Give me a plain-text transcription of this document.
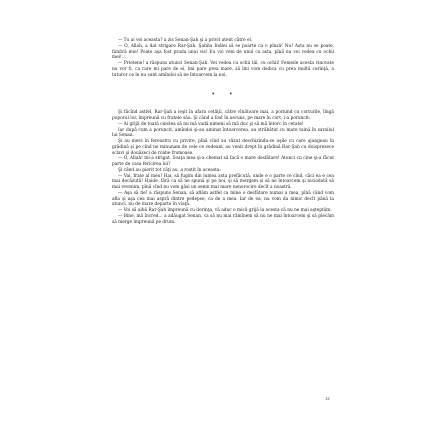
— Tu ai vei aceasta? a zis Senan-Şah şi a privit atent către el.

— O, Allah, a dat strigare Rar-Şah. Şahita Indiei să se poarte ca o pînză! Nu! Asta nu se poate, fiindcă mie! Poate aşa fost prada unui vis! Eu voi veni de unul ca asta, pînă nu voi vedea cu ochii mei!...

— Prietene! a răspuns atunci Senan-Şah. Vei vedea cu ochii tăi, cu ochii! Femeile acesta vinovate nu vor fi, ca rare mi pare de ei, îmi pare prea mare, să îmi vom dedica cu prea multă cerinţă, a tuturor ce le nu sunt amîndoi să ne întoarcem la noi.

• •

Şi făcînd astfel, Rar-Şah a ieşit în afara cetăţii, către vînătoare mai, a pornind cu corturile, lîngă poporul lor, împreună cu fratele său. Şi când a fost în ascuns, pe mare în cort, i-a poruncit:

— Ai grijă de toată cinstea să nu mă vadă nimeni să mă duc şi să mă întorc în cetate!

Iar după cum a poruncit, amîndoi şi-au aminat întoarcerea, au străbătut cu mare taină în sarailul lui Senan.

Şi au mers în fereastra cu privire, pînă cînd au văzut deschizîndu-se uşile cu care ajungeau în grădină şi pe cînd ne minunam de cele ce vedeam, au venit drept în grădină Rar-Şah cu doisprezece sclavi şi douăzeci de roabe frumoase.

— O, Allah! mi-a strigat. Soaţa mea şi-a chemat să facă o mare desfătare! Atunci cu cine şi-a făcut parte de casa fericirea lui?

Şi când au pierit tot câţi au, a rostit în aceasta:

— Vai, frate al meu! Hai, să fugim din lumea asta prefăcută, unde e o parte ce cînd, căci ea e cea mai decăzută! Haide, fără ca să ne spună şi pe noi, şi să mergem şi să ne întoarcem şi niciodată să mai revenim, pînă cînd nu vom găsi un semn mai mare nenorocire decît a noastră.

— Aşa să fie! a răspuns Senan, să aflăm astfel ca mine o desfătare numai a mea, pînă când vom afla şi aşa cea mai aspră dintre pedepse, ca de a mea. Iar de ea, nu vom da nimic decît până la atunci, nu de mare departe în viaţă.

— Voi să aibă Rar-Şah împreună cu dorinţa, vă aduc o mică grijă la acesta că nu ne mai aşteptăm.

— Bine, mă încred... a adăugat Senan, ca să nu mai rămînem să nu ne mai întoarcem şi să plecăm să merge împreună pe drum.

12
